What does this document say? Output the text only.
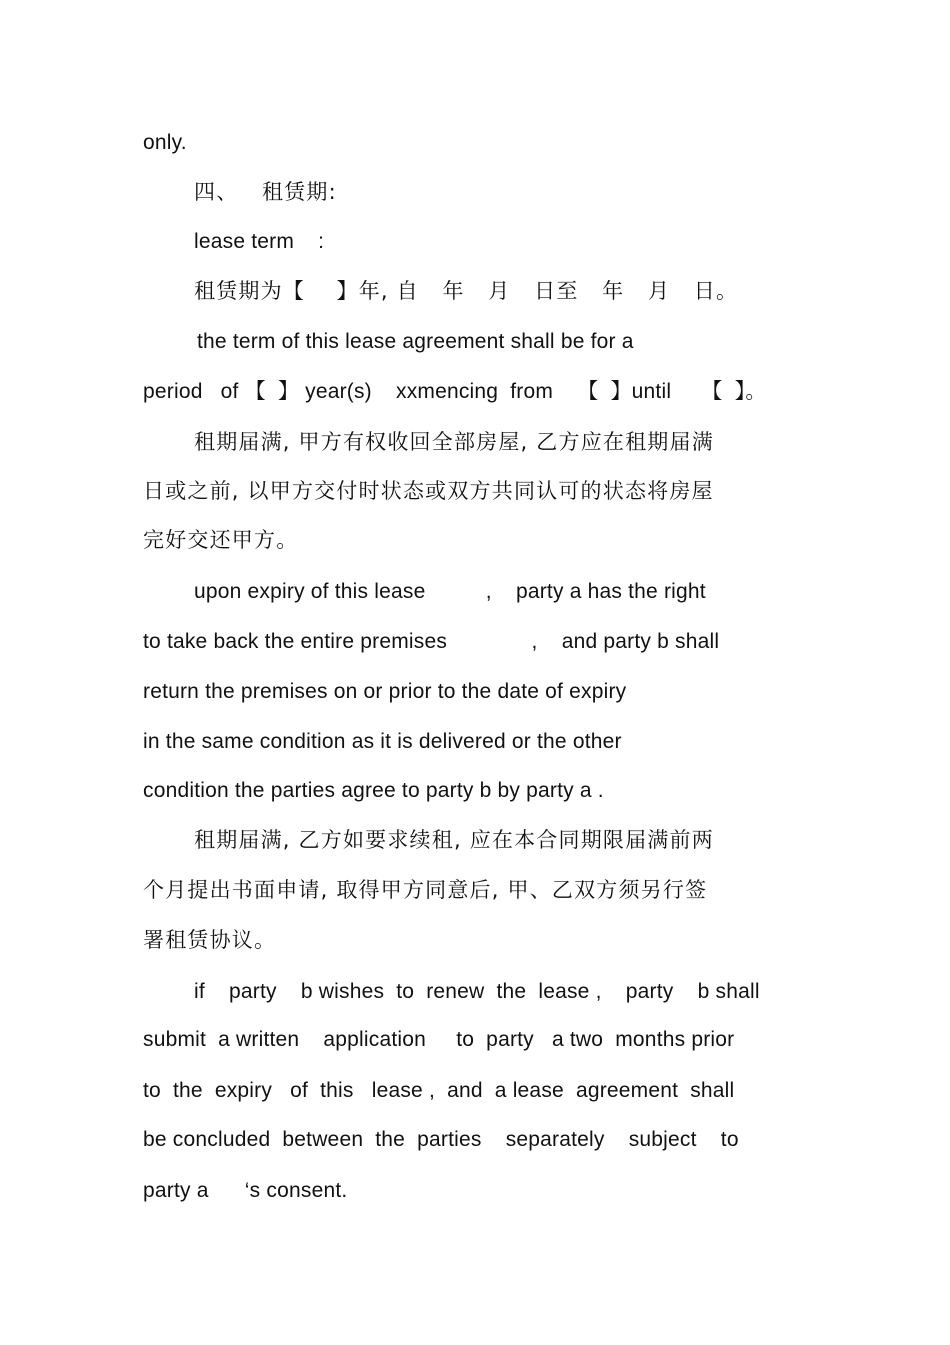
only.
四、   租赁期:
lease term    :
租赁期为【    】年, 自   年   月   日至   年   月   日。
the term of this lease agreement shall be for a
period   of 【  】 year(s)    xxmencing  from    【  】until     【  】。
租期届满, 甲方有权收回全部房屋, 乙方应在租期届满
日或之前, 以甲方交付时状态或双方共同认可的状态将房屋
完好交还甲方。
upon expiry of this lease          ,    party a has the right
to take back the entire premises              ,    and party b shall
return the premises on or prior to the date of expiry
in the same condition as it is delivered or the other
condition the parties agree to party b by party a .
租期届满, 乙方如要求续租, 应在本合同期限届满前两
个月提出书面申请, 取得甲方同意后, 甲、乙双方须另行签
署租赁协议。
if    party    b wishes  to  renew  the  lease ,    party    b shall
submit  a written    application     to  party   a two  months prior
to  the  expiry   of  this   lease ,  and  a lease  agreement  shall
be concluded  between  the  parties    separately    subject    to
party a      ‘s consent.
